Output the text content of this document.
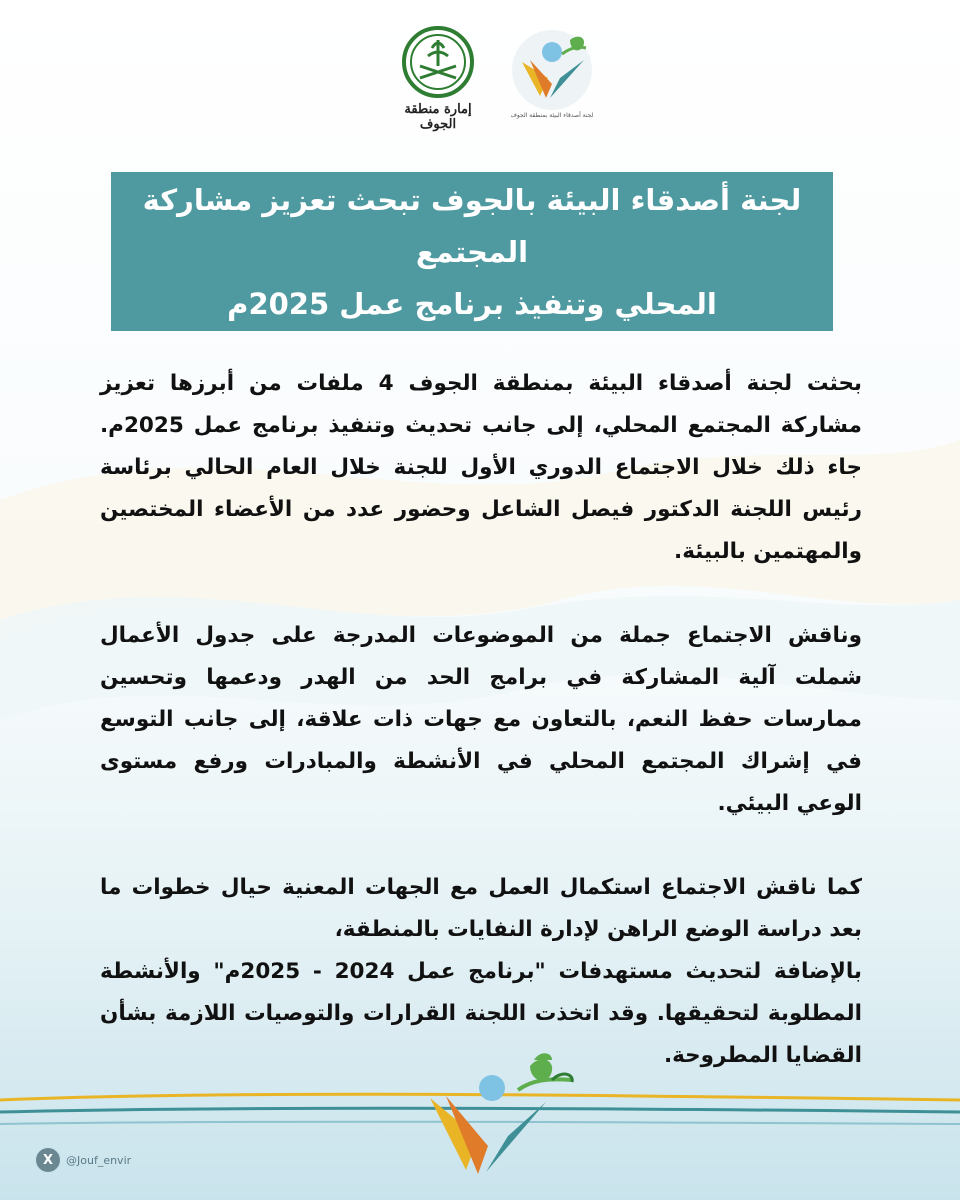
إمارة منطقة الجوف
لجنة أصدقاء البيئة بمنطقة الجوف
لجنة أصدقاء البيئة بالجوف تبحث تعزيز مشاركة المجتمع
المحلي وتنفيذ برنامج عمل 2025م

بحثت لجنة أصدقاء البيئة بمنطقة الجوف 4 ملفات من أبرزها تعزيز مشاركة المجتمع المحلي، إلى جانب تحديث وتنفيذ برنامج عمل 2025م. جاء ذلك خلال الاجتماع الدوري الأول للجنة خلال العام الحالي برئاسة رئيس اللجنة الدكتور فيصل الشاعل وحضور عدد من الأعضاء المختصين والمهتمين بالبيئة.

وناقش الاجتماع جملة من الموضوعات المدرجة على جدول الأعمال شملت آلية المشاركة في برامج الحد من الهدر ودعمها وتحسين ممارسات حفظ النعم، بالتعاون مع جهات ذات علاقة، إلى جانب التوسع في إشراك المجتمع المحلي في الأنشطة والمبادرات ورفع مستوى الوعي البيئي.

كما ناقش الاجتماع استكمال العمل مع الجهات المعنية حيال خطوات ما بعد دراسة الوضع الراهن لإدارة النفايات بالمنطقة،

بالإضافة لتحديث مستهدفات "برنامج عمل 2024 - 2025م" والأنشطة المطلوبة لتحقيقها. وقد اتخذت اللجنة القرارات والتوصيات اللازمة بشأن القضايا المطروحة.

X	@Jouf_envir
